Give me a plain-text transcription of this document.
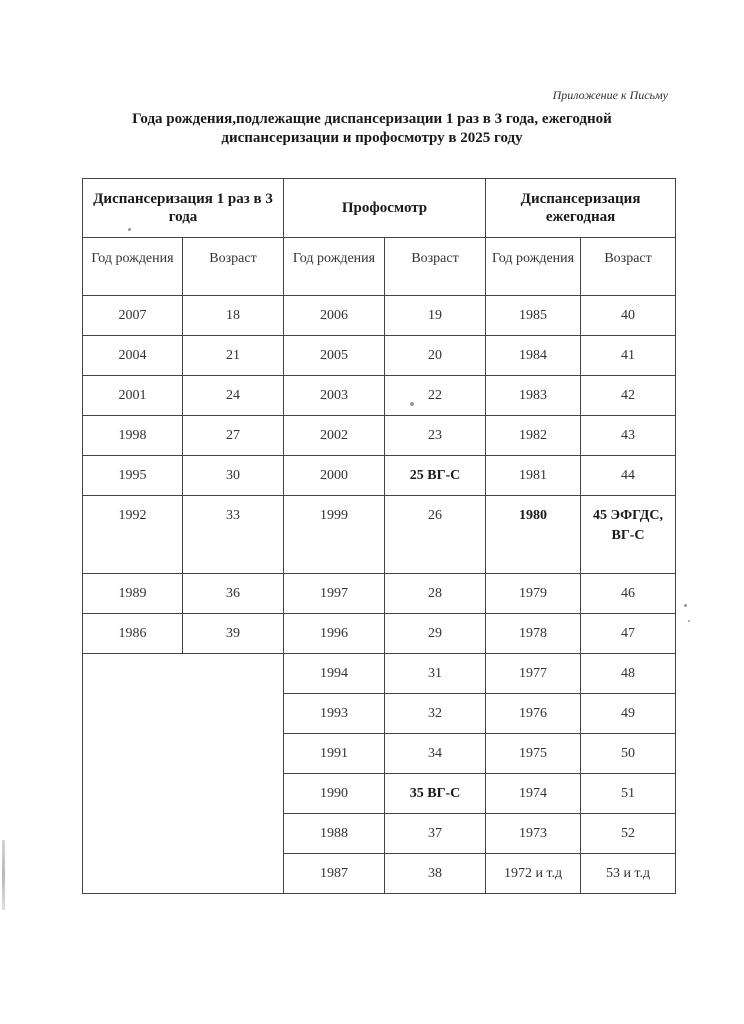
Приложение к Письму
Года рождения,подлежащие диспансеризации 1 раз в 3 года, ежегодной
диспансеризации и профосмотру в 2025 году
Диспансеризация 1 раз в 3 года		Профосмотр		Диспансеризация ежегодная	
Год рождения	Возраст	Год рождения	Возраст	Год рождения	Возраст
2007	18	2006	19	1985	40
2004	21	2005	20	1984	41
2001	24	2003	22	1983	42
1998	27	2002	23	1982	43
1995	30	2000	25 ВГ-С	1981	44
1992	33	1999	26	1980	45 ЭФГДС, ВГ-С
1989	36	1997	28	1979	46
1986	39	1996	29	1978	47
		1994	31	1977	48
		1993	32	1976	49
		1991	34	1975	50
		1990	35 ВГ-С	1974	51
		1988	37	1973	52
		1987	38	1972 и т.д	53 и т.д
